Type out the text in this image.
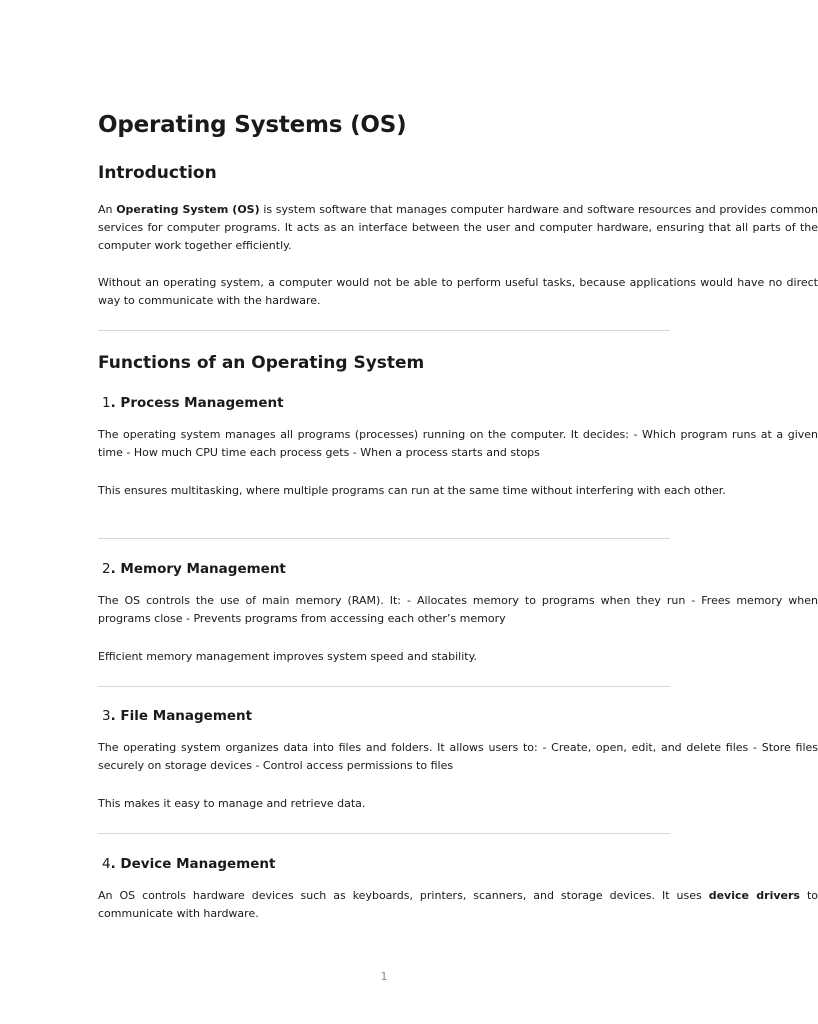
Operating Systems (OS)
Introduction

An Operating System (OS) is system software that manages computer hardware and software resources and provides common services for computer programs. It acts as an interface between the user and computer hardware, ensuring that all parts of the computer work together efficiently.

Without an operating system, a computer would not be able to perform useful tasks, because applications would have no direct way to communicate with the hardware.

Functions of an Operating System
1. Process Management

The operating system manages all programs (processes) running on the computer. It decides: - Which program runs at a given time - How much CPU time each process gets - When a process starts and stops

This ensures multitasking, where multiple programs can run at the same time without interfering with each other.

2. Memory Management

The OS controls the use of main memory (RAM). It: - Allocates memory to programs when they run - Frees memory when programs close - Prevents programs from accessing each other’s memory

Efficient memory management improves system speed and stability.

3. File Management

The operating system organizes data into files and folders. It allows users to: - Create, open, edit, and delete files - Store files securely on storage devices - Control access permissions to files

This makes it easy to manage and retrieve data.

4. Device Management

An OS controls hardware devices such as keyboards, printers, scanners, and storage devices. It uses device drivers to communicate with hardware.

1
